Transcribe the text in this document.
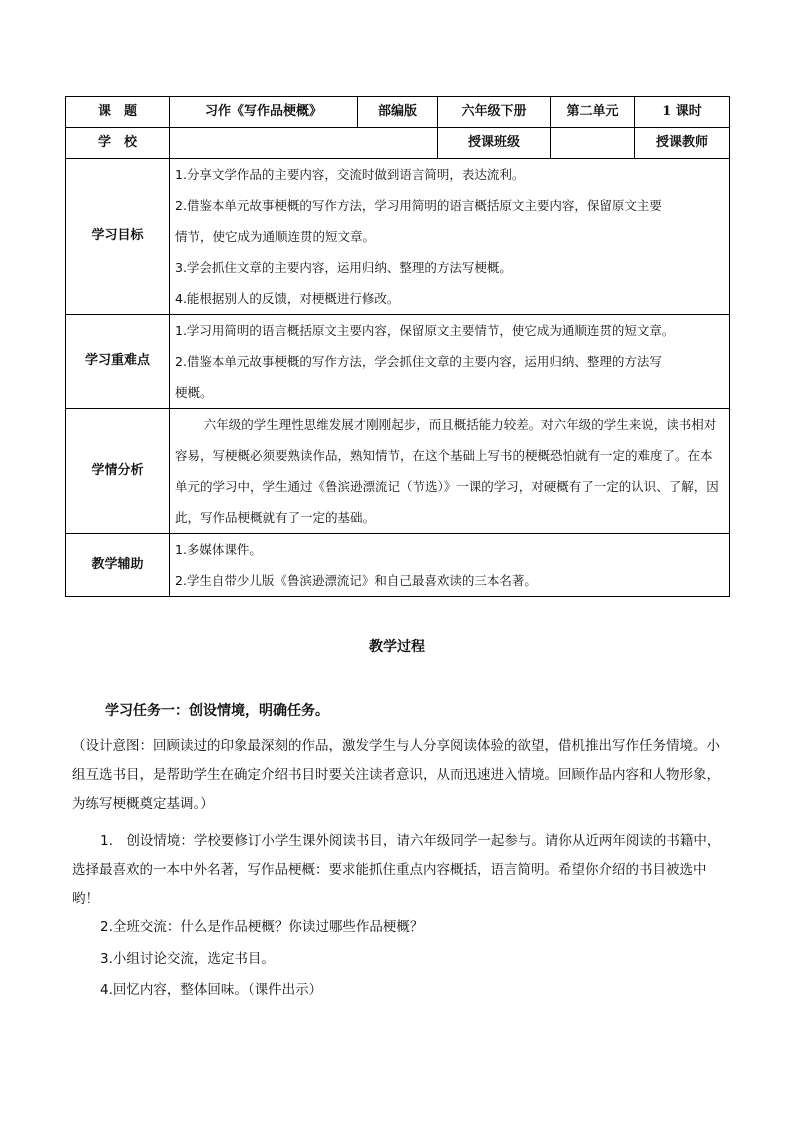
课　题	习作《写作品梗概》	部编版	六年级下册	第二单元	1 课时
学　校			授课班级		授课教师
学习目标	1.分享文学作品的主要内容，交流时做到语言简明，表达流利。
2.借鉴本单元故事梗概的写作方法，学习用简明的语言概括原文主要内容，保留原文主要
情节，使它成为通顺连贯的短文章。
3.学会抓住文章的主要内容，运用归纳、整理的方法写梗概。
4.能根据别人的反馈，对梗概进行修改。				

学习重难点	1.学习用简明的语言概括原文主要内容，保留原文主要情节，使它成为通顺连贯的短文章。
2.借鉴本单元故事梗概的写作方法，学会抓住文章的主要内容，运用归纳、整理的方法写
梗概。				

学情分析	六年级的学生理性思维发展才刚刚起步，而且概括能力较差。对六年级的学生来说，读书相对容易，写梗概必须要熟读作品，熟知情节，在这个基础上写书的梗概恐怕就有一定的难度了。在本单元的学习中，学生通过《鲁滨逊漂流记（节选）》一课的学习，对硬概有了一定的认识、了解，因此，写作品梗概就有了一定的基础。				

教学辅助	1.多媒体课件。
2.学生自带少儿版《鲁滨逊漂流记》和自己最喜欢读的三本名著。				
教学过程
学习任务一：创设情境，明确任务。
（设计意图：回顾读过的印象最深刻的作品，激发学生与人分享阅读体验的欲望，借机推出写作任务情境。小组互选书目，是帮助学生在确定介绍书目时要关注读者意识，从而迅速进入情境。回顾作品内容和人物形象，为练写梗概奠定基调。）
1.　创设情境：学校要修订小学生课外阅读书目，请六年级同学一起参与。请你从近两年阅读的书籍中，选择最喜欢的一本中外名著，写作品梗概：要求能抓住重点内容概括，语言简明。希望你介绍的书目被选中哟！
2.全班交流：什么是作品梗概？你读过哪些作品梗概？
3.小组讨论交流，选定书目。
4.回忆内容，整体回味。（课件出示）
